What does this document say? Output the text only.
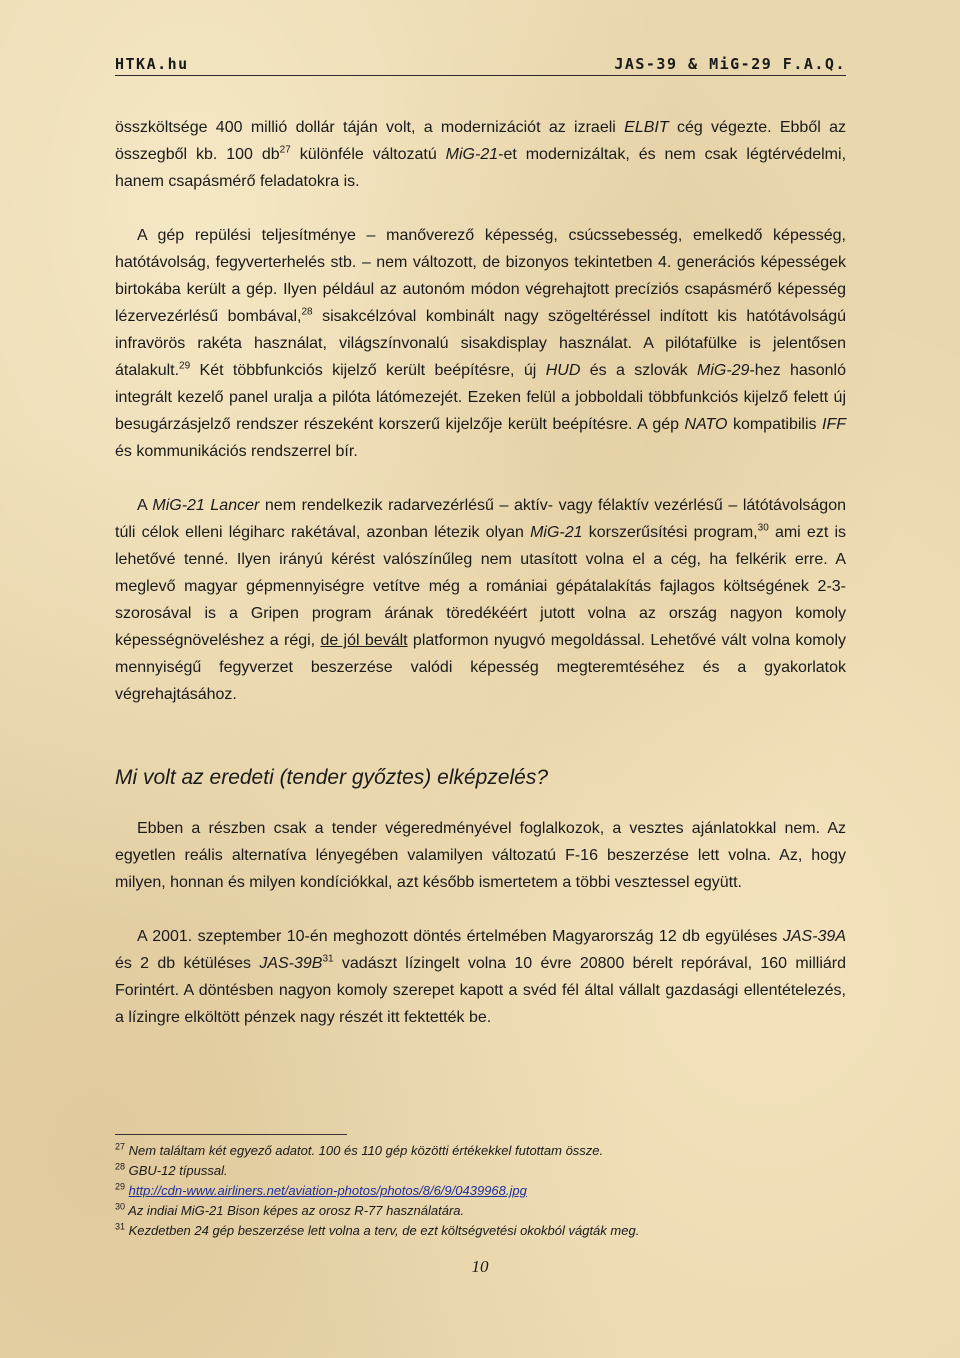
HTKA.hu	JAS-39 & MiG-29 F.A.Q.

összköltsége 400 millió dollár táján volt, a modernizációt az izraeli ELBIT cég végezte. Ebből az összegből kb. 100 $db^{27}$ különféle változatú MiG-21-et modernizáltak, és nem csak légtérvédelmi, hanem csapásmérő feladatokra is.

A gép repülési teljesítménye – manőverező képesség, csúcssebesség, emelkedő képesség, hatótávolság, fegyverterhelés stb. – nem változott, de bizonyos tekintetben 4. generációs képességek birtokába került a gép. Ilyen például az autonóm módon végrehajtott precíziós csapásmérő képesség lézervezérlésű bombával,$^{28}$ sisakcélzóval kombinált nagy szögeltéréssel indított kis hatótávolságú infravörös rakéta használat, világszínvonalú sisakdisplay használat. A pilótafülke is jelentősen átalakult.$^{29}$ Két többfunkciós kijelző került beépítésre, új HUD és a szlovák MiG-29-hez hasonló integrált kezelő panel uralja a pilóta látómezejét. Ezeken felül a jobboldali többfunkciós kijelző felett új besugárzásjelző rendszer részeként korszerű kijelzője került beépítésre. A gép NATO kompatibilis IFF és kommunikációs rendszerrel bír.

A MiG-21 Lancer nem rendelkezik radarvezérlésű – aktív- vagy félaktív vezérlésű – látótávolságon túli célok elleni légiharc rakétával, azonban létezik olyan MiG-21 korszerűsítési program,$^{30}$ ami ezt is lehetővé tenné. Ilyen irányú kérést valószínűleg nem utasított volna el a cég, ha felkérik erre. A meglevő magyar gépmennyiségre vetítve még a romániai gépátalakítás fajlagos költségének 2-3-szorosával is a Gripen program árának töredékéért jutott volna az ország nagyon komoly képességnöveléshez a régi, de jól bevált platformon nyugvó megoldással. Lehetővé vált volna komoly mennyiségű fegyverzet beszerzése valódi képesség megteremtéséhez és a gyakorlatok végrehajtásához.

Mi volt az eredeti (tender győztes) elképzelés?

Ebben a részben csak a tender végeredményével foglalkozok, a vesztes ajánlatokkal nem. Az egyetlen reális alternatíva lényegében valamilyen változatú F-16 beszerzése lett volna. Az, hogy milyen, honnan és milyen kondíciókkal, azt később ismertetem a többi vesztessel együtt.

A 2001. szeptember 10-én meghozott döntés értelmében Magyarország 12 db együléses JAS-39A és 2 db kétüléses JAS-$39B^{31}$ vadászt lízingelt volna 10 évre 20800 bérelt repórával, 160 milliárd Forintért. A döntésben nagyon komoly szerepet kapott a svéd fél által vállalt gazdasági ellentételezés, a lízingre elköltött pénzek nagy részét itt fektették be.

$^{27}$ Nem találtam két egyező adatot. 100 és 110 gép közötti értékekkel futottam össze.

$^{28}$ GBU-12 típussal.

$^{29}$ http://cdn-www.airliners.net/aviation-photos/photos/8/6/9/0439968.jpg

$^{30}$ Az indiai MiG-21 Bison képes az orosz R-77 használatára.

$^{31}$ Kezdetben 24 gép beszerzése lett volna a terv, de ezt költségvetési okokból vágták meg.

10
